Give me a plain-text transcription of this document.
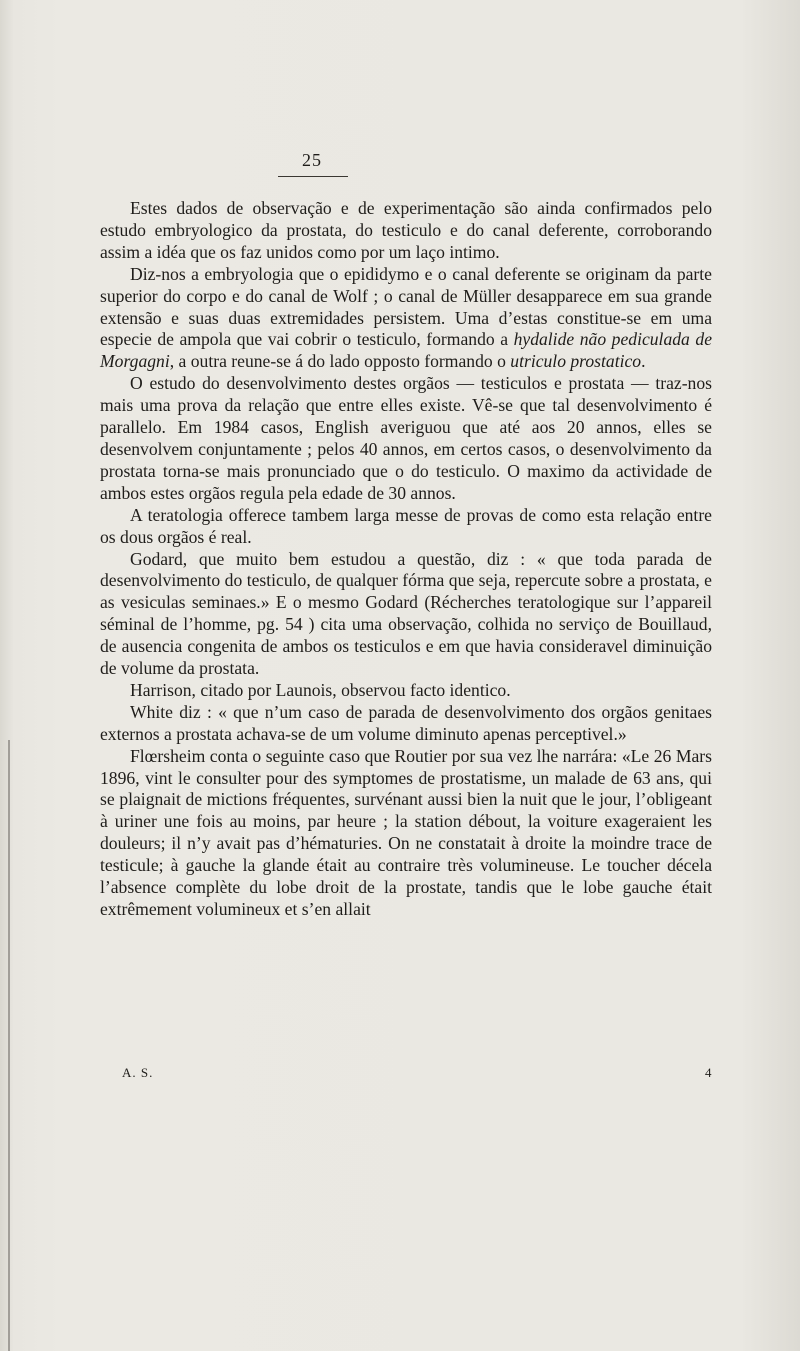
25

Estes dados de observação e de experimentação são ainda confirmados pelo estudo embryologico da prostata, do testiculo e do canal deferente, corroborando assim a idéa que os faz unidos como por um laço intimo.

Diz-nos a embryologia que o epididymo e o canal deferente se originam da parte superior do corpo e do canal de Wolf ; o canal de Müller desapparece em sua grande extensão e suas duas extremidades persistem. Uma d’estas constitue-se em uma especie de ampola que vai cobrir o testiculo, formando a hydalide não pediculada de Morgagni, a outra reune-se á do lado opposto formando o utriculo prostatico.

O estudo do desenvolvimento destes orgãos — testiculos e prostata — traz-nos mais uma prova da relação que entre elles existe. Vê-se que tal desenvolvimento é parallelo. Em 1984 casos, English averiguou que até aos 20 annos, elles se desenvolvem conjuntamente ; pelos 40 annos, em certos casos, o desenvolvimento da prostata torna-se mais pronunciado que o do testiculo. O maximo da actividade de ambos estes orgãos regula pela edade de 30 annos.

A teratologia offerece tambem larga messe de provas de como esta relação entre os dous orgãos é real.

Godard, que muito bem estudou a questão, diz : « que toda parada de desenvolvimento do testiculo, de qualquer fórma que seja, repercute sobre a prostata, e as vesiculas seminaes.» E o mesmo Godard (Récherches teratologique sur l’appareil séminal de l’homme, pg. 54 ) cita uma observação, colhida no serviço de Bouillaud, de ausencia congenita de ambos os testiculos e em que havia consideravel diminuição de volume da prostata.

Harrison, citado por Launois, observou facto identico.

White diz : « que n’um caso de parada de desenvolvimento dos orgãos genitaes externos a prostata achava-se de um volume diminuto apenas perceptivel.»

Flœrsheim conta o seguinte caso que Routier por sua vez lhe narrára: «Le 26 Mars 1896, vint le consulter pour des symptomes de prostatisme, un malade de 63 ans, qui se plaignait de mictions fréquentes, survénant aussi bien la nuit que le jour, l’obligeant à uriner une fois au moins, par heure ; la station débout, la voiture exageraient les douleurs; il n’y avait pas d’hématuries. On ne constatait à droite la moindre trace de testicule; à gauche la glande était au contraire très volumineuse. Le toucher décela l’absence complète du lobe droit de la prostate, tandis que le lobe gauche était extrêmement volumineux et s’en allait

A. S.	4
